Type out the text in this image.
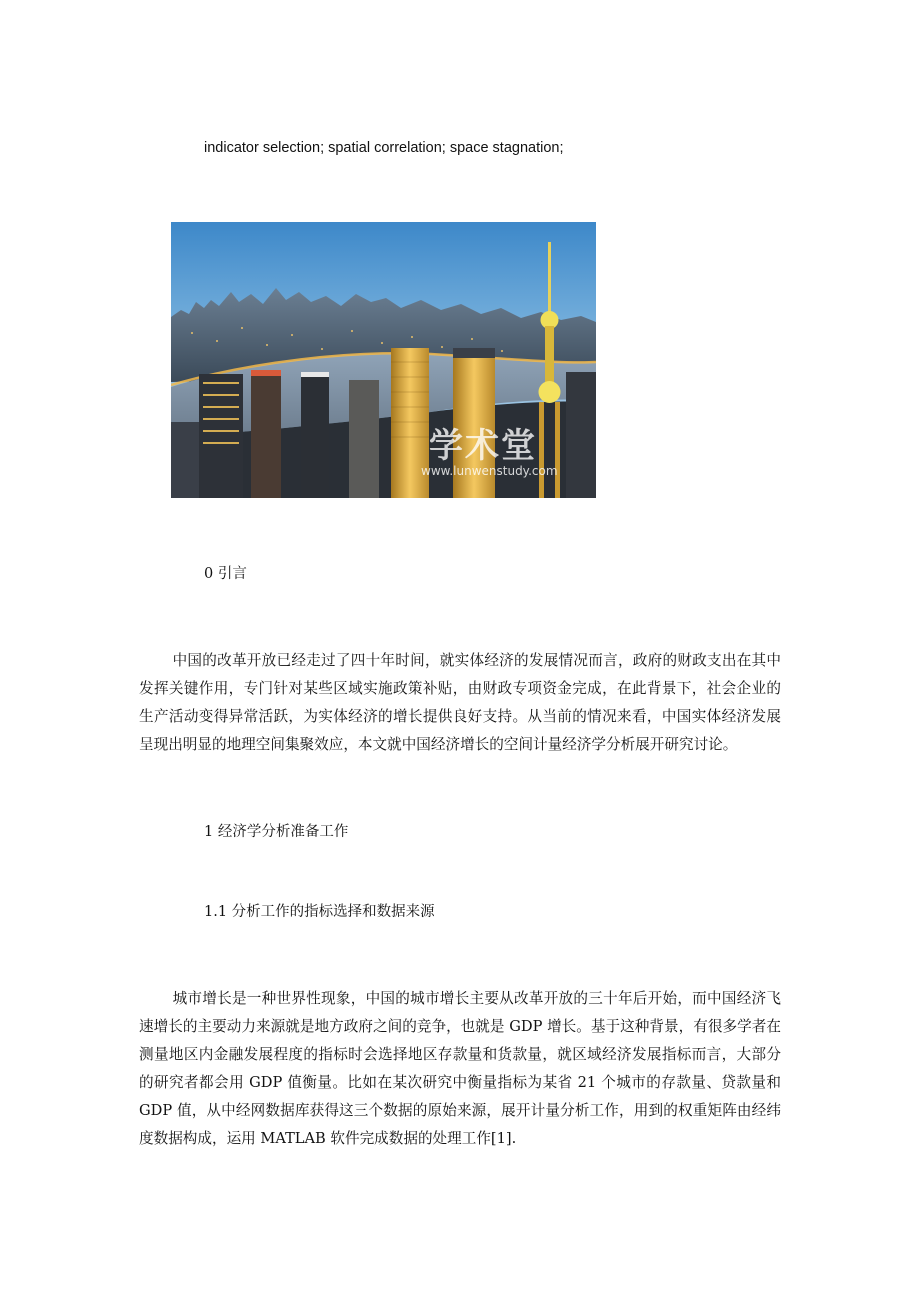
indicator selection; spatial correlation; space stagnation;
学术堂
www.lunwenstudy.com
0 引言

中国的改革开放已经走过了四十年时间，就实体经济的发展情况而言，政府的财政支出在其中发挥关键作用，专门针对某些区域实施政策补贴，由财政专项资金完成，在此背景下，社会企业的生产活动变得异常活跃，为实体经济的增长提供良好支持。从当前的情况来看，中国实体经济发展呈现出明显的地理空间集聚效应，本文就中国经济增长的空间计量经济学分析展开研究讨论。

1 经济学分析准备工作
1.1 分析工作的指标选择和数据来源

城市增长是一种世界性现象，中国的城市增长主要从改革开放的三十年后开始，而中国经济飞速增长的主要动力来源就是地方政府之间的竞争，也就是 GDP 增长。基于这种背景，有很多学者在测量地区内金融发展程度的指标时会选择地区存款量和货款量，就区域经济发展指标而言，大部分的研究者都会用 GDP 值衡量。比如在某次研究中衡量指标为某省 21 个城市的存款量、贷款量和 GDP 值，从中经网数据库获得这三个数据的原始来源，展开计量分析工作，用到的权重矩阵由经纬度数据构成，运用 MATLAB 软件完成数据的处理工作[1].
